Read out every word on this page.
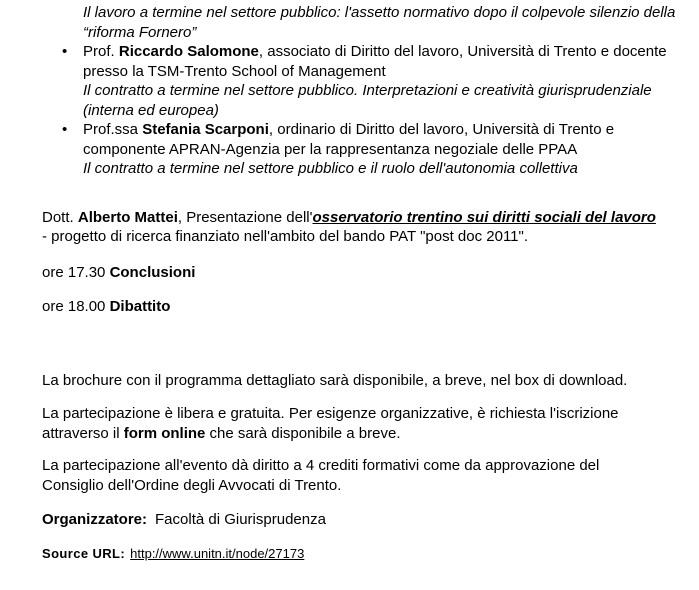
Il lavoro a termine nel settore pubblico: l'assetto normativo dopo il colpevole silenzio della “riforma Fornero”

• Prof. Riccardo Salomone, associato di Diritto del lavoro, Università di Trento e docente presso la TSM-Trento School of Management
Il contratto a termine nel settore pubblico. Interpretazioni e creatività giurisprudenziale (interna ed europea)
• Prof.ssa Stefania Scarponi, ordinario di Diritto del lavoro, Università di Trento e componente APRAN-Agenzia per la rappresentanza negoziale delle PPAA
Il contratto a termine nel settore pubblico e il ruolo dell'autonomia collettiva

Dott. Alberto Mattei, Presentazione dell'osservatorio trentino sui diritti sociali del lavoro
- progetto di ricerca finanziato nell'ambito del bando PAT "post doc 2011".

ore 17.30 Conclusioni

ore 18.00 Dibattito

La brochure con il programma dettagliato sarà disponibile, a breve, nel box di download.

La partecipazione è libera e gratuita. Per esigenze organizzative, è richiesta l'iscrizione attraverso il form online che sarà disponibile a breve.

La partecipazione all'evento dà diritto a 4 crediti formativi come da approvazione del Consiglio dell'Ordine degli Avvocati di Trento.

Organizzatore: Facoltà di Giurisprudenza

Source URL: http://www.unitn.it/node/27173
